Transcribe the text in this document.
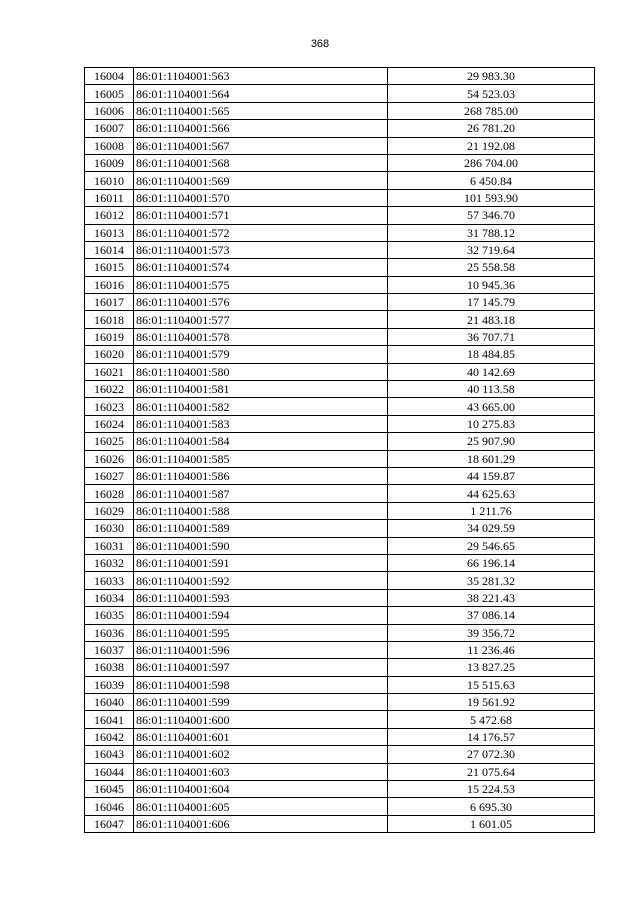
368
16004	86:01:1104001:563	29 983.30
16005	86:01:1104001:564	54 523.03
16006	86:01:1104001:565	268 785.00
16007	86:01:1104001:566	26 781.20
16008	86:01:1104001:567	21 192.08
16009	86:01:1104001:568	286 704.00
16010	86:01:1104001:569	6 450.84
16011	86:01:1104001:570	101 593.90
16012	86:01:1104001:571	57 346.70
16013	86:01:1104001:572	31 788.12
16014	86:01:1104001:573	32 719.64
16015	86:01:1104001:574	25 558.58
16016	86:01:1104001:575	10 945.36
16017	86:01:1104001:576	17 145.79
16018	86:01:1104001:577	21 483.18
16019	86:01:1104001:578	36 707.71
16020	86:01:1104001:579	18 484.85
16021	86:01:1104001:580	40 142.69
16022	86:01:1104001:581	40 113.58
16023	86:01:1104001:582	43 665.00
16024	86:01:1104001:583	10 275.83
16025	86:01:1104001:584	25 907.90
16026	86:01:1104001:585	18 601.29
16027	86:01:1104001:586	44 159.87
16028	86:01:1104001:587	44 625.63
16029	86:01:1104001:588	1 211.76
16030	86:01:1104001:589	34 029.59
16031	86:01:1104001:590	29 546.65
16032	86:01:1104001:591	66 196.14
16033	86:01:1104001:592	35 281.32
16034	86:01:1104001:593	38 221.43
16035	86:01:1104001:594	37 086.14
16036	86:01:1104001:595	39 356.72
16037	86:01:1104001:596	11 236.46
16038	86:01:1104001:597	13 827.25
16039	86:01:1104001:598	15 515.63
16040	86:01:1104001:599	19 561.92
16041	86:01:1104001:600	5 472.68
16042	86:01:1104001:601	14 176.57
16043	86:01:1104001:602	27 072.30
16044	86:01:1104001:603	21 075.64
16045	86:01:1104001:604	15 224.53
16046	86:01:1104001:605	6 695.30
16047	86:01:1104001:606	1 601.05
